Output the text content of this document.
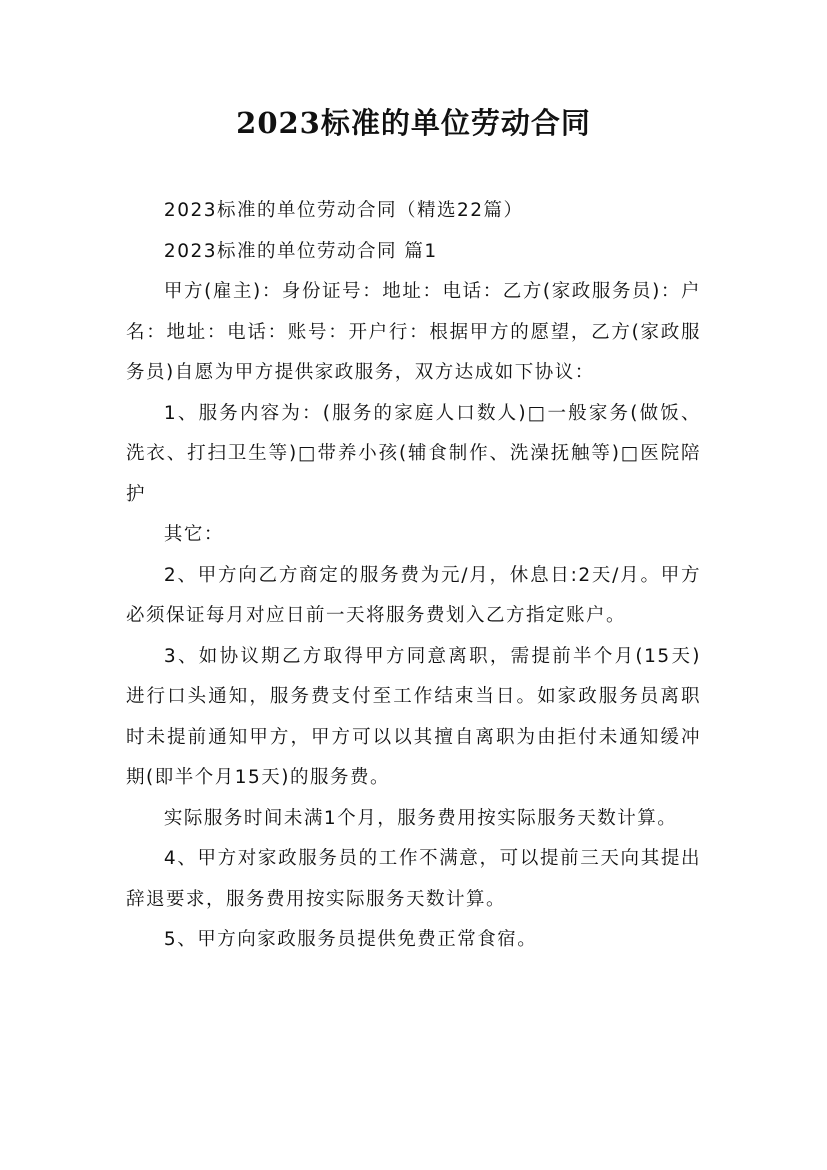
2023标准的单位劳动合同

2023标准的单位劳动合同（精选22篇）

2023标准的单位劳动合同 篇1

甲方(雇主)：身份证号：地址：电话：乙方(家政服务员)：户名：地址：电话：账号：开户行：根据甲方的愿望，乙方(家政服务员)自愿为甲方提供家政服务，双方达成如下协议：

1、服务内容为：(服务的家庭人口数人)□一般家务(做饭、洗衣、打扫卫生等)□带养小孩(辅食制作、洗澡抚触等)□医院陪护

其它：

2、甲方向乙方商定的服务费为元/月，休息日:2天/月。甲方必须保证每月对应日前一天将服务费划入乙方指定账户。

3、如协议期乙方取得甲方同意离职，需提前半个月(15天)进行口头通知，服务费支付至工作结束当日。如家政服务员离职时未提前通知甲方，甲方可以以其擅自离职为由拒付未通知缓冲期(即半个月15天)的服务费。

实际服务时间未满1个月，服务费用按实际服务天数计算。

4、甲方对家政服务员的工作不满意，可以提前三天向其提出辞退要求，服务费用按实际服务天数计算。

5、甲方向家政服务员提供免费正常食宿。
